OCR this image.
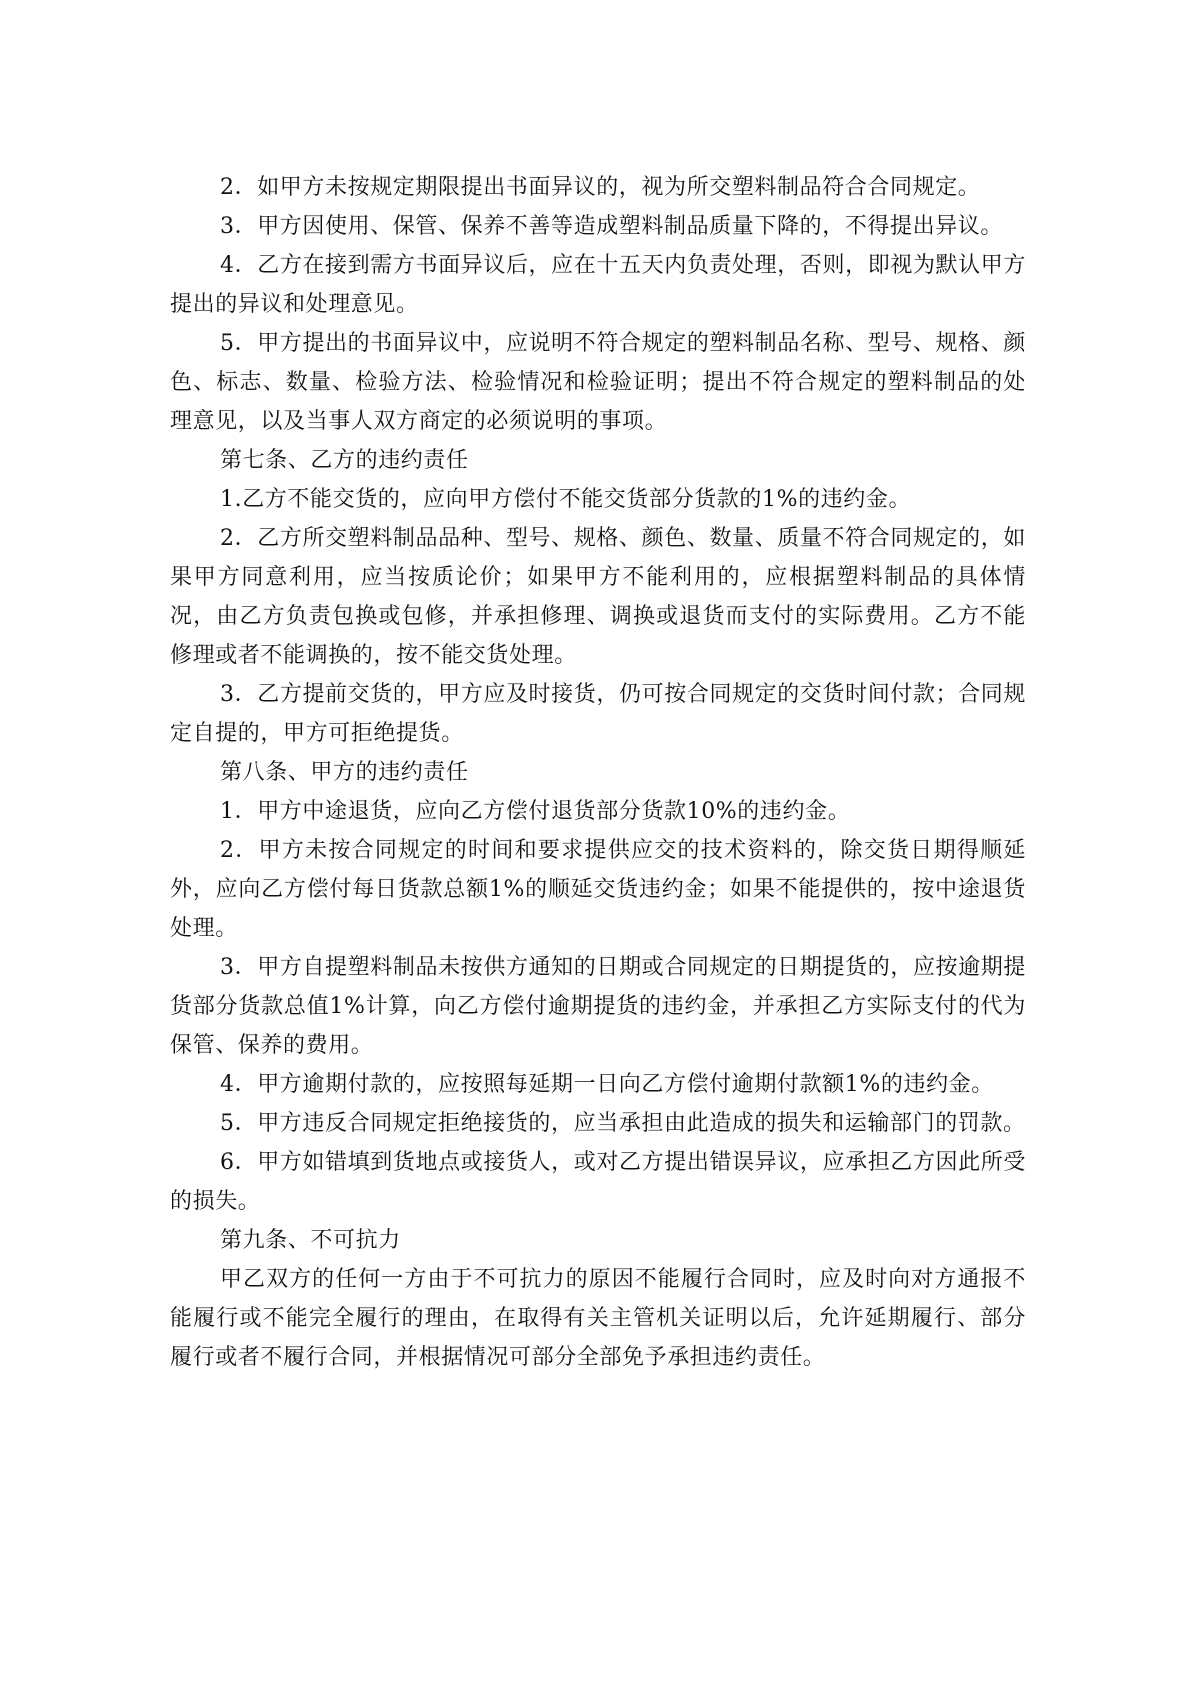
2．如甲方未按规定期限提出书面异议的，视为所交塑料制品符合合同规定。

3．甲方因使用、保管、保养不善等造成塑料制品质量下降的，不得提出异议。

4．乙方在接到需方书面异议后，应在十五天内负责处理，否则，即视为默认甲方提出的异议和处理意见。

5．甲方提出的书面异议中，应说明不符合规定的塑料制品名称、型号、规格、颜色、标志、数量、检验方法、检验情况和检验证明；提出不符合规定的塑料制品的处理意见，以及当事人双方商定的必须说明的事项。

第七条、乙方的违约责任

1.乙方不能交货的，应向甲方偿付不能交货部分货款的1%的违约金。

2．乙方所交塑料制品品种、型号、规格、颜色、数量、质量不符合同规定的，如果甲方同意利用，应当按质论价；如果甲方不能利用的，应根据塑料制品的具体情况，由乙方负责包换或包修，并承担修理、调换或退货而支付的实际费用。乙方不能修理或者不能调换的，按不能交货处理。

3．乙方提前交货的，甲方应及时接货，仍可按合同规定的交货时间付款；合同规定自提的，甲方可拒绝提货。

第八条、甲方的违约责任

1．甲方中途退货，应向乙方偿付退货部分货款10%的违约金。

2．甲方未按合同规定的时间和要求提供应交的技术资料的，除交货日期得顺延外，应向乙方偿付每日货款总额1%的顺延交货违约金；如果不能提供的，按中途退货处理。

3．甲方自提塑料制品未按供方通知的日期或合同规定的日期提货的，应按逾期提货部分货款总值1%计算，向乙方偿付逾期提货的违约金，并承担乙方实际支付的代为保管、保养的费用。

4．甲方逾期付款的，应按照每延期一日向乙方偿付逾期付款额1%的违约金。

5．甲方违反合同规定拒绝接货的，应当承担由此造成的损失和运输部门的罚款。

6．甲方如错填到货地点或接货人，或对乙方提出错误异议，应承担乙方因此所受的损失。

第九条、不可抗力

甲乙双方的任何一方由于不可抗力的原因不能履行合同时，应及时向对方通报不能履行或不能完全履行的理由，在取得有关主管机关证明以后，允许延期履行、部分履行或者不履行合同，并根据情况可部分全部免予承担违约责任。
